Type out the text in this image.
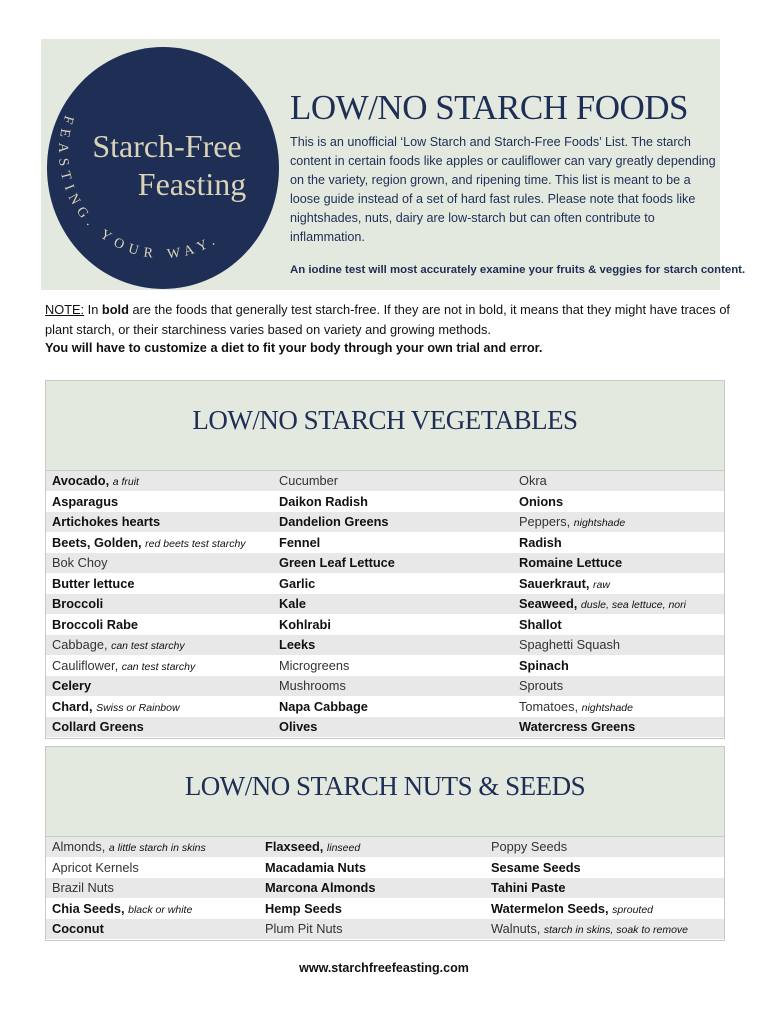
Starch-Free
Feasting
FEASTING. YOUR WAY.
LOW/NO STARCH FOODS

This is an unofficial ‘Low Starch and Starch-Free Foods’ List. The starch content in certain foods like apples or cauliflower can vary greatly depending on the variety, region grown, and ripening time. This list is meant to be a loose guide instead of a set of hard fast rules. Please note that foods like nightshades, nuts, dairy are low-starch but can often contribute to inflammation.

An iodine test will most accurately examine your fruits & veggies for starch content.

NOTE: In bold are the foods that generally test starch-free. If they are not in bold, it means that they might have traces of plant starch, or their starchiness varies based on variety and growing methods.

You will have to customize a diet to fit your body through your own trial and error.

LOW/NO STARCH VEGETABLES
Avocado, a fruit	Cucumber	Okra
Asparagus	Daikon Radish	Onions
Artichokes hearts	Dandelion Greens	Peppers, nightshade
Beets, Golden, red beets test starchy	Fennel	Radish
Bok Choy	Green Leaf Lettuce	Romaine Lettuce
Butter lettuce	Garlic	Sauerkraut, raw
Broccoli	Kale	Seaweed, dusle, sea lettuce, nori
Broccoli Rabe	Kohlrabi	Shallot
Cabbage, can test starchy	Leeks	Spaghetti Squash
Cauliflower, can test starchy	Microgreens	Spinach
Celery	Mushrooms	Sprouts
Chard, Swiss or Rainbow	Napa Cabbage	Tomatoes, nightshade
Collard Greens	Olives	Watercress Greens
LOW/NO STARCH NUTS & SEEDS
Almonds, a little starch in skins	Flaxseed, linseed	Poppy Seeds
Apricot Kernels	Macadamia Nuts	Sesame Seeds
Brazil Nuts	Marcona Almonds	Tahini Paste
Chia Seeds, black or white	Hemp Seeds	Watermelon Seeds, sprouted
Coconut	Plum Pit Nuts	Walnuts, starch in skins, soak to remove

www.starchfreefeasting.com
